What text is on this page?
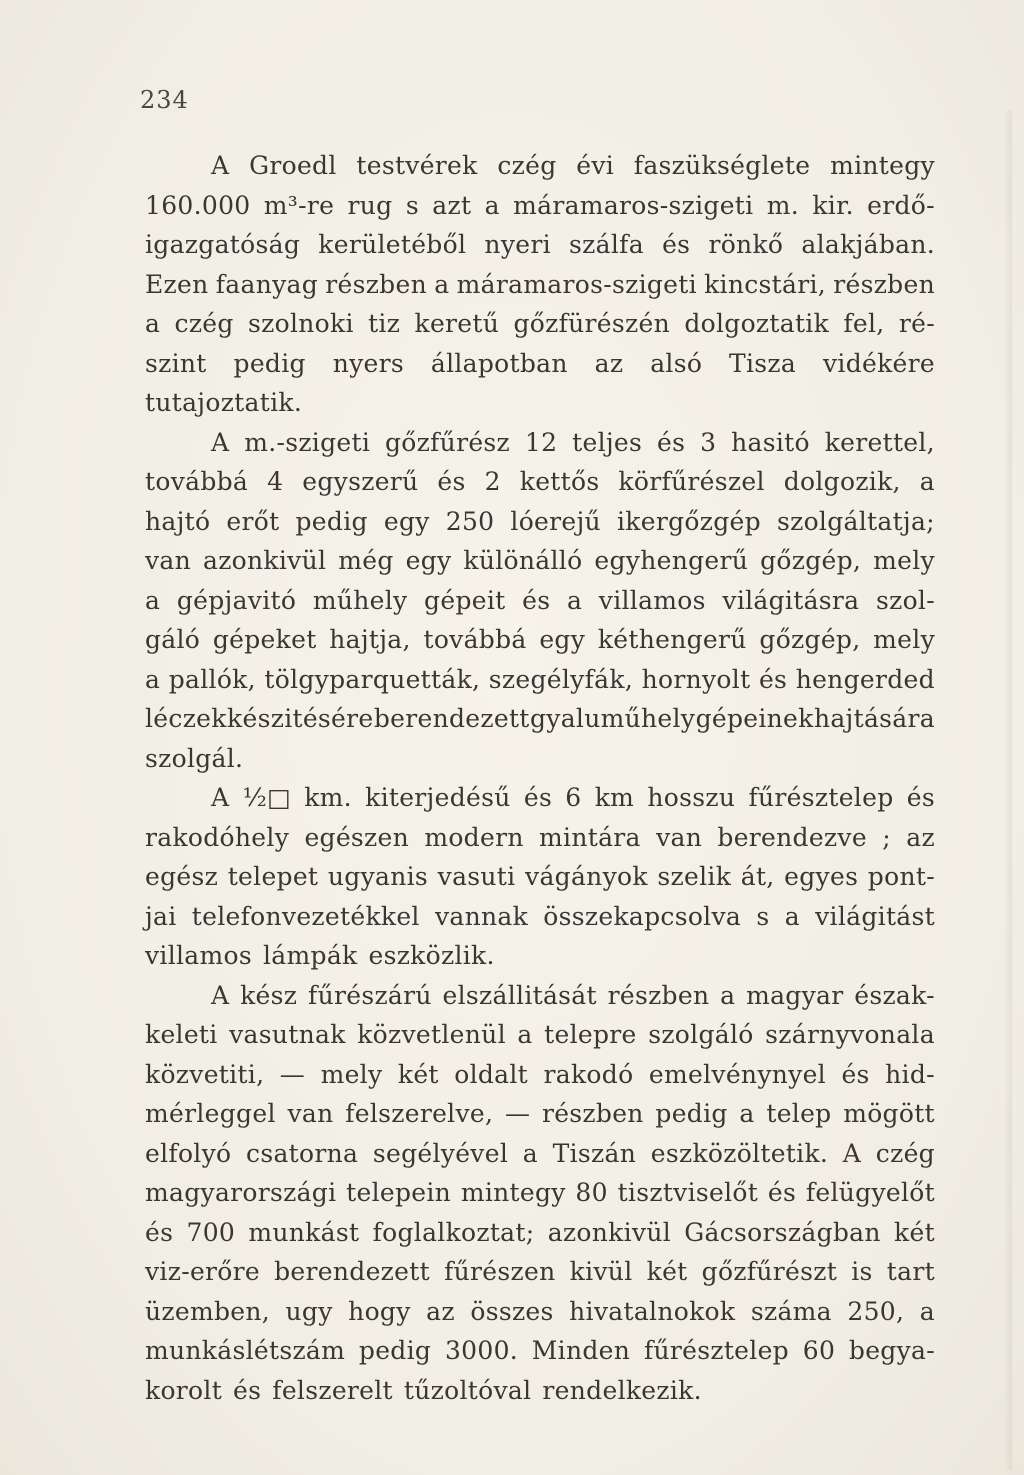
234
A Groedl testvérek czég évi faszükséglete mintegy
160.000 m³-re rug s azt a máramaros-szigeti m. kir. erdő-
igazgatóság kerületéből nyeri szálfa és rönkő alakjában.
Ezen faanyag részben a máramaros-szigeti kincstári, részben
a czég szolnoki tiz keretű gőzfürészén dolgoztatik fel, ré-
szint pedig nyers állapotban az alsó Tisza vidékére
tutajoztatik.
A m.-szigeti gőzfűrész 12 teljes és 3 hasitó kerettel,
továbbá 4 egyszerű és 2 kettős körfűrészel dolgozik, a
hajtó erőt pedig egy 250 lóerejű ikergőzgép szolgáltatja;
van azonkivül még egy különálló egyhengerű gőzgép, mely
a gépjavitó műhely gépeit és a villamos világitásra szol-
gáló gépeket hajtja, továbbá egy kéthengerű gőzgép, mely
a pallók, tölgyparquetták, szegélyfák, hornyolt és hengerded
léczek készitésére berendezett gyaluműhely gépeinek hajtására
szolgál.
A ½□ km. kiterjedésű és 6 km hosszu fűrésztelep és
rakodóhely egészen modern mintára van berendezve ; az
egész telepet ugyanis vasuti vágányok szelik át, egyes pont-
jai telefonvezetékkel vannak összekapcsolva s a világitást
villamos lámpák eszközlik.
A kész fűrészárú elszállitását részben a magyar észak-
keleti vasutnak közvetlenül a telepre szolgáló szárnyvonala
közvetiti, — mely két oldalt rakodó emelvénynyel és hid-
mérleggel van felszerelve, — részben pedig a telep mögött
elfolyó csatorna segélyével a Tiszán eszközöltetik. A czég
magyarországi telepein mintegy 80 tisztviselőt és felügyelőt
és 700 munkást foglalkoztat; azonkivül Gácsországban két
viz-erőre berendezett fűrészen kivül két gőzfűrészt is tart
üzemben, ugy hogy az összes hivatalnokok száma 250, a
munkáslétszám pedig 3000. Minden fűrésztelep 60 begya-
korolt és felszerelt tűzoltóval rendelkezik.
